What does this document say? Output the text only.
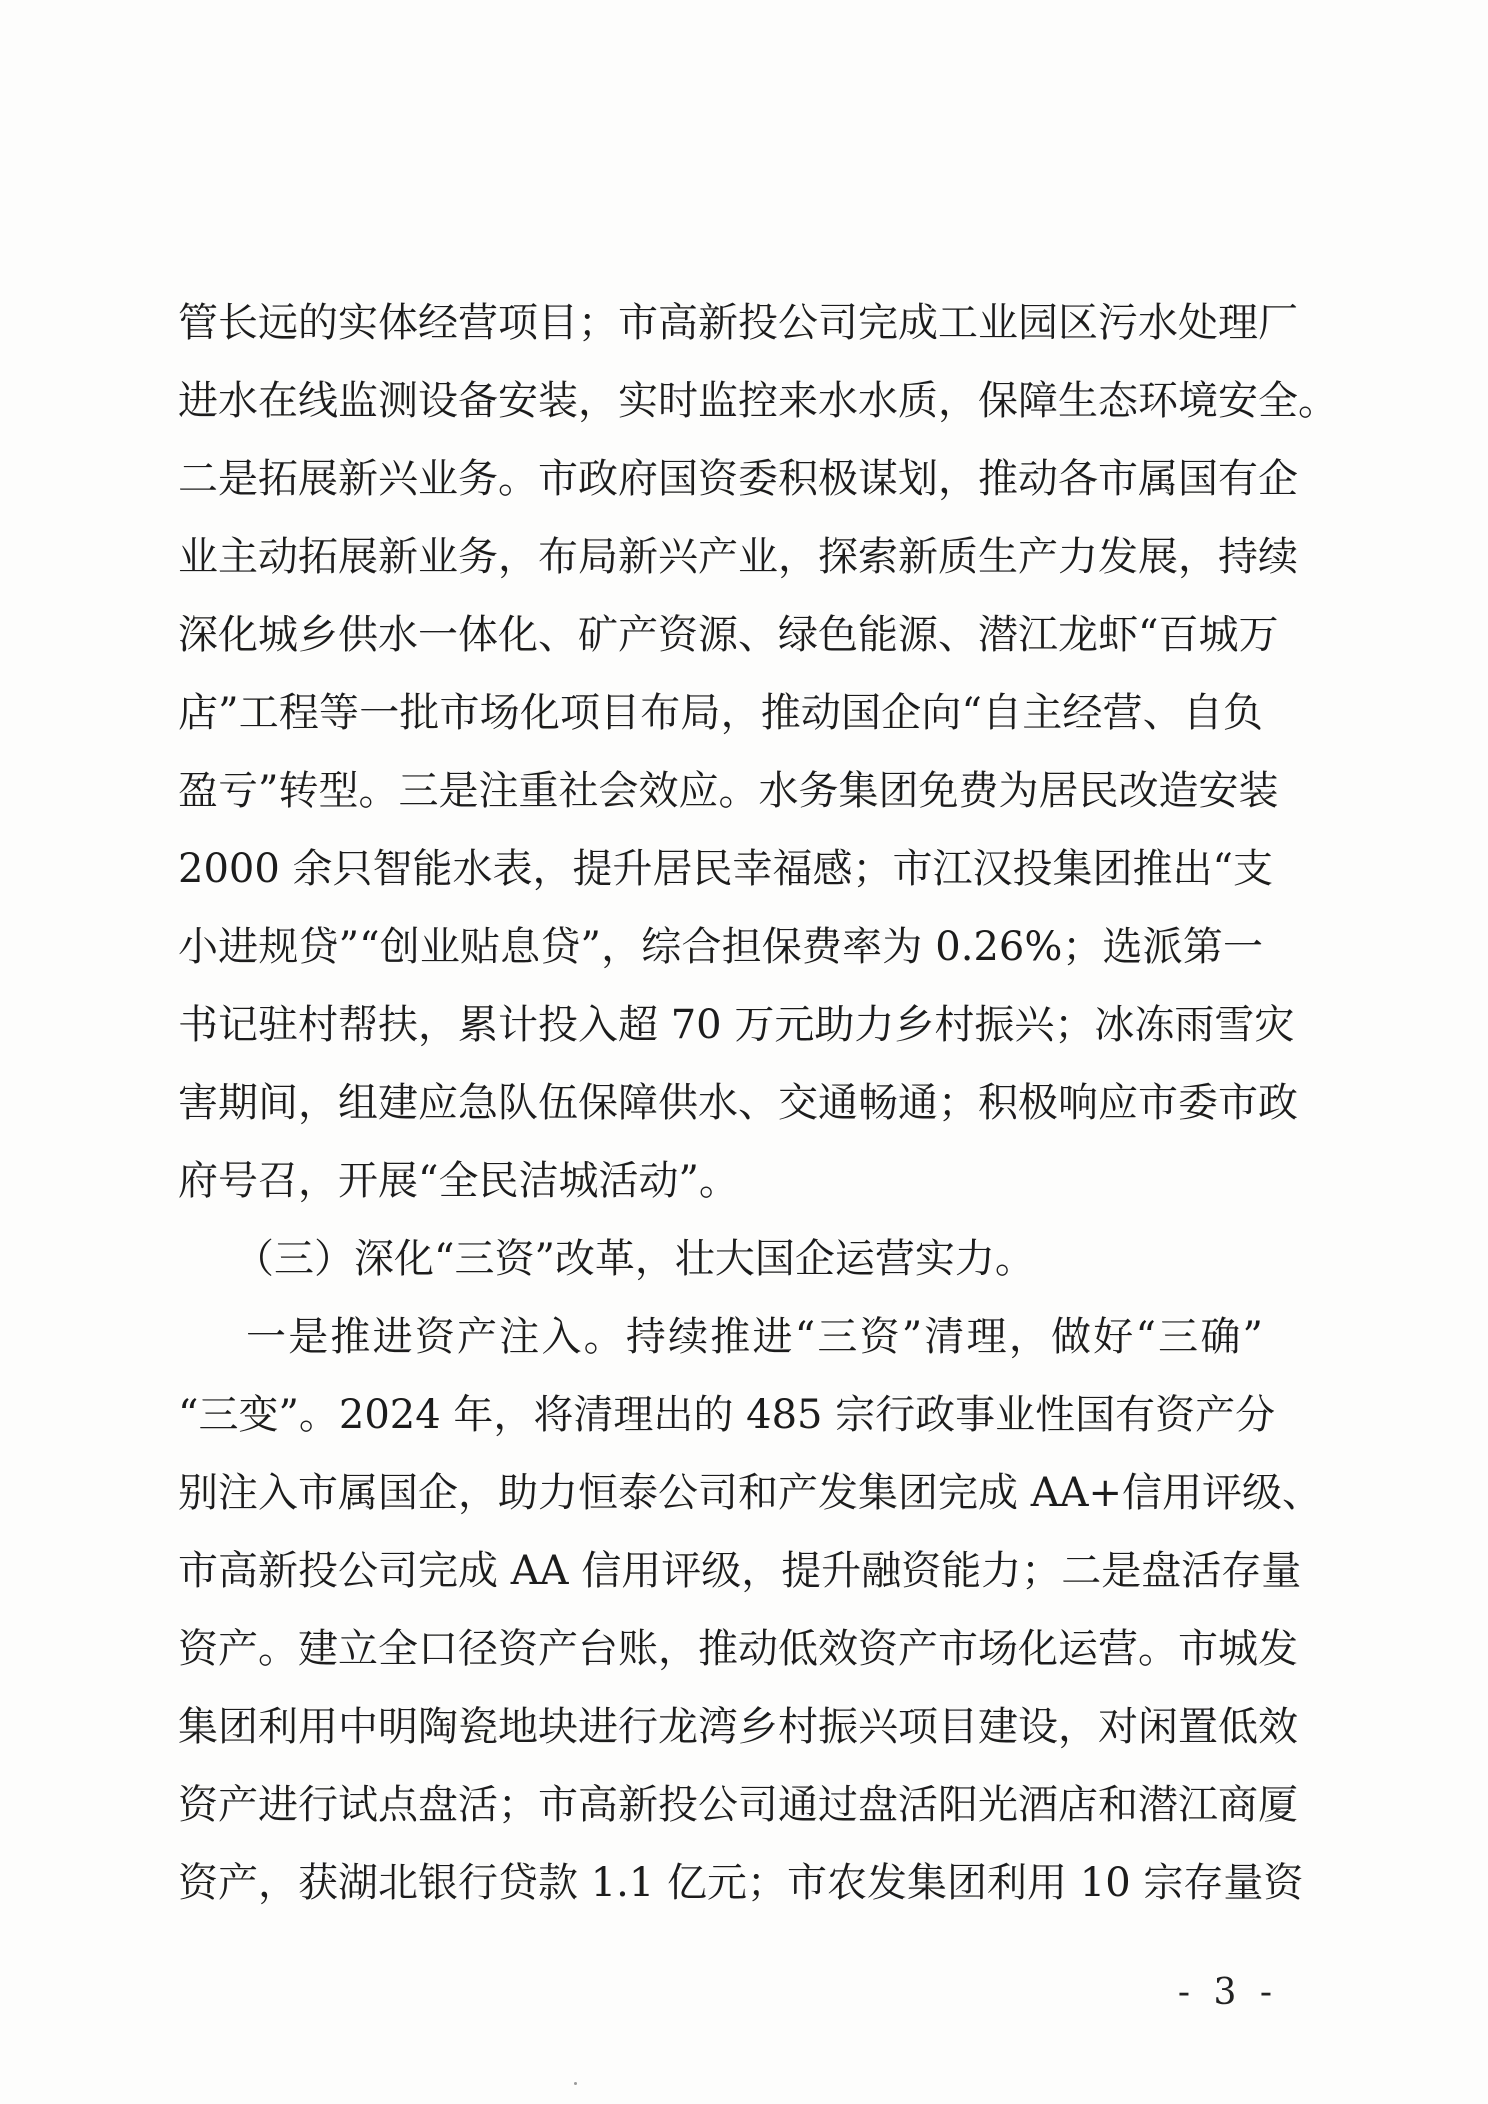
管长远的实体经营项目；市高新投公司完成工业园区污水处理厂
进水在线监测设备安装，实时监控来水水质，保障生态环境安全。
二是拓展新兴业务。市政府国资委积极谋划，推动各市属国有企
业主动拓展新业务，布局新兴产业，探索新质生产力发展，持续
深化城乡供水一体化、矿产资源、绿色能源、潜江龙虾“百城万
店”工程等一批市场化项目布局，推动国企向“自主经营、自负
盈亏”转型。三是注重社会效应。水务集团免费为居民改造安装
2000 余只智能水表，提升居民幸福感；市江汉投集团推出“支
小进规贷”“创业贴息贷”，综合担保费率为 0.26%；选派第一
书记驻村帮扶，累计投入超 70 万元助力乡村振兴；冰冻雨雪灾
害期间，组建应急队伍保障供水、交通畅通；积极响应市委市政
府号召，开展“全民洁城活动”。
（三）深化“三资”改革，壮大国企运营实力。
一是推进资产注入。持续推进“三资”清理，做好“三确”
“三变”。2024 年，将清理出的 485 宗行政事业性国有资产分
别注入市属国企，助力恒泰公司和产发集团完成 AA+信用评级、
市高新投公司完成 AA 信用评级，提升融资能力；二是盘活存量
资产。建立全口径资产台账，推动低效资产市场化运营。市城发
集团利用中明陶瓷地块进行龙湾乡村振兴项目建设，对闲置低效
资产进行试点盘活；市高新投公司通过盘活阳光酒店和潜江商厦
资产，获湖北银行贷款 1.1 亿元；市农发集团利用 10 宗存量资
- 3 -
